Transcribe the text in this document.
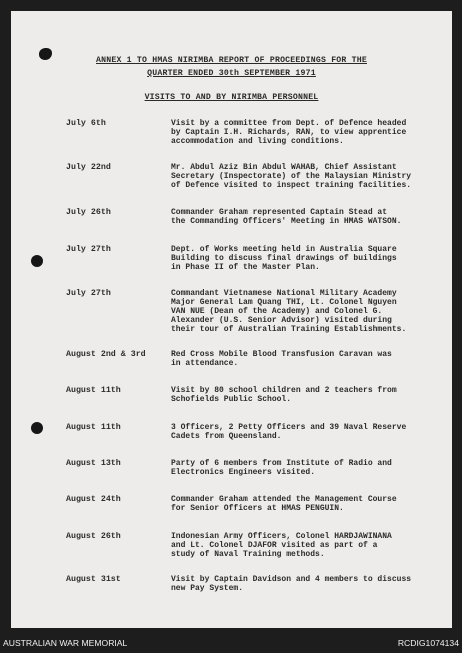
ANNEX 1 TO HMAS NIRIMBA REPORT OF PROCEEDINGS FOR THE
QUARTER ENDED 30th SEPTEMBER 1971
VISITS TO AND BY NIRIMBA PERSONNEL
July 6th	Visit by a committee from Dept. of Defence headed
by Captain I.H. Richards, RAN, to view apprentice
accommodation and living conditions.
July 22nd	Mr. Abdul Aziz Bin Abdul WAHAB, Chief Assistant
Secretary (Inspectorate) of the Malaysian Ministry
of Defence visited to inspect training facilities.
July 26th	Commander Graham represented Captain Stead at
the Commanding Officers' Meeting in HMAS WATSON.
July 27th	Dept. of Works meeting held in Australia Square
Building to discuss final drawings of buildings
in Phase II of the Master Plan.
July 27th	Commandant Vietnamese National Military Academy
Major General Lam Quang THI, Lt. Colonel Nguyen
VAN NUE (Dean of the Academy) and Colonel G.
Alexander (U.S. Senior Advisor) visited during
their tour of Australian Training Establishments.
August 2nd & 3rd	Red Cross Mobile Blood Transfusion Caravan was
in attendance.
August 11th	Visit by 80 school children and 2 teachers from
Schofields Public School.
August 11th	3 Officers, 2 Petty Officers and 39 Naval Reserve
Cadets from Queensland.
August 13th	Party of 6 members from Institute of Radio and
Electronics Engineers visited.
August 24th	Commander Graham attended the Management Course
for Senior Officers at HMAS PENGUIN.
August 26th	Indonesian Army Officers, Colonel HARDJAWINANA
and Lt. Colonel DJAFOR visited as part of a
study of Naval Training methods.
August 31st	Visit by Captain Davidson and 4 members to discuss
new Pay System.
AUSTRALIAN WAR MEMORIAL	RCDIG1074134
